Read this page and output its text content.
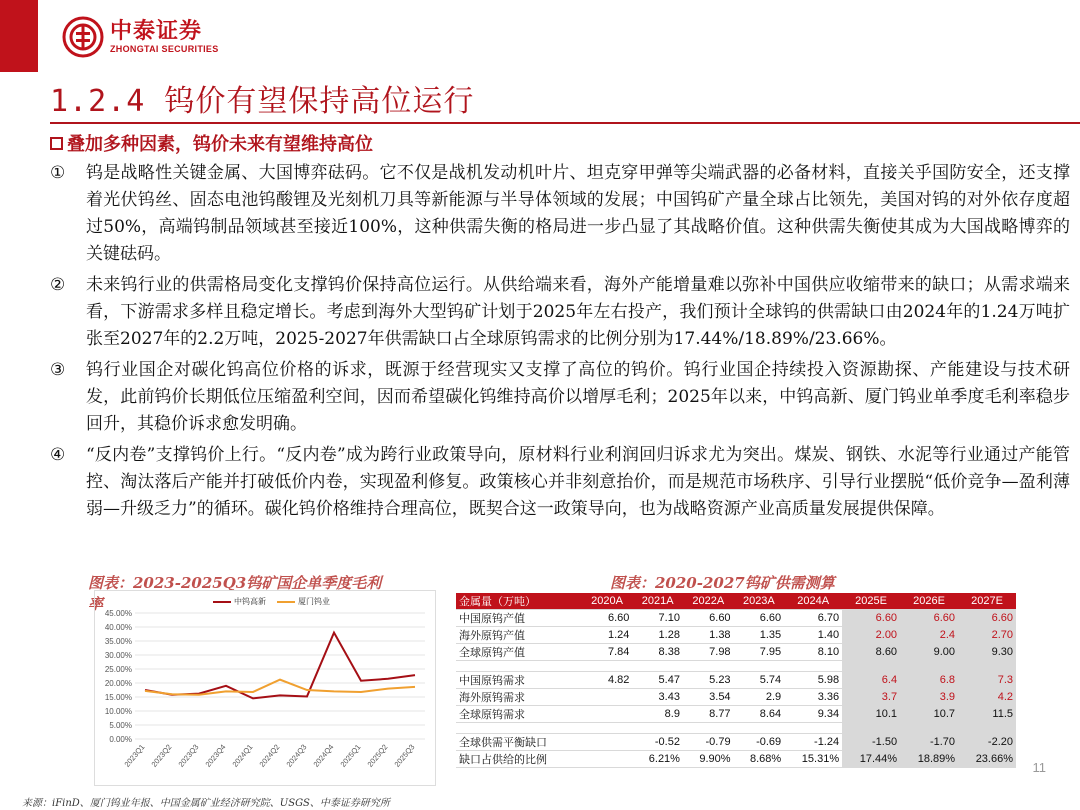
中泰证券
ZHONGTAI SECURITIES
1.2.4 钨价有望保持高位运行
叠加多种因素，钨价未来有望维持高位
①	钨是战略性关键金属、大国博弈砝码。它不仅是战机发动机叶片、坦克穿甲弹等尖端武器的必备材料，直接关乎国防安全，还支撑着光伏钨丝、固态电池钨酸锂及光刻机刀具等新能源与半导体领域的发展；中国钨矿产量全球占比领先，美国对钨的对外依存度超过50%，高端钨制品领域甚至接近100%，这种供需失衡的格局进一步凸显了其战略价值。这种供需失衡使其成为大国战略博弈的关键砝码。
②	未来钨行业的供需格局变化支撑钨价保持高位运行。从供给端来看，海外产能增量难以弥补中国供应收缩带来的缺口；从需求端来看，下游需求多样且稳定增长。考虑到海外大型钨矿计划于2025年左右投产，我们预计全球钨的供需缺口由2024年的1.24万吨扩张至2027年的2.2万吨，2025-2027年供需缺口占全球原钨需求的比例分别为17.44%/18.89%/23.66%。
③	钨行业国企对碳化钨高位价格的诉求，既源于经营现实又支撑了高位的钨价。钨行业国企持续投入资源勘探、产能建设与技术研发，此前钨价长期低位压缩盈利空间，因而希望碳化钨维持高价以增厚毛利；2025年以来，中钨高新、厦门钨业单季度毛利率稳步回升，其稳价诉求愈发明确。
④	“反内卷”支撑钨价上行。“反内卷”成为跨行业政策导向，原材料行业利润回归诉求尤为突出。煤炭、钢铁、水泥等行业通过产能管控、淘汰落后产能并打破低价内卷，实现盈利修复。政策核心并非刻意抬价，而是规范市场秩序、引导行业摆脱“低价竞争—盈利薄弱—升级乏力”的循环。碳化钨价格维持合理高位，既契合这一政策导向，也为战略资源产业高质量发展提供保障。
图表：2023-2025Q3钨矿国企单季度毛利
率
图表：2020-2027钨矿供需测算
中钨高新	厦门钨业
0.00%
5.00%
10.00%
15.00%
20.00%
25.00%
30.00%
35.00%
40.00%
45.00%
2023Q1 2023Q2 2023Q3 2023Q4 2024Q1 2024Q2 2024Q3 2024Q4 2025Q1 2025Q2 2025Q3
金属量（万吨）	2020A	2021A	2022A	2023A	2024A	2025E	2026E	2027E
中国原钨产值	6.60	7.10	6.60	6.60	6.70	6.60	6.60	6.60
海外原钨产值	1.24	1.28	1.38	1.35	1.40	2.00	2.4	2.70
全球原钨产值	7.84	8.38	7.98	7.95	8.10	8.60	9.00	9.30

中国原钨需求	4.82	5.47	5.23	5.74	5.98	6.4	6.8	7.3
海外原钨需求		3.43	3.54	2.9	3.36	3.7	3.9	4.2
全球原钨需求		8.9	8.77	8.64	9.34	10.1	10.7	11.5

全球供需平衡缺口		-0.52	-0.79	-0.69	-1.24	-1.50	-1.70	-2.20
缺口占供给的比例		6.21%	9.90%	8.68%	15.31%	17.44%	18.89%	23.66%
11
来源：iFinD、厦门钨业年报、中国金属矿业经济研究院、USGS、中泰证券研究所
